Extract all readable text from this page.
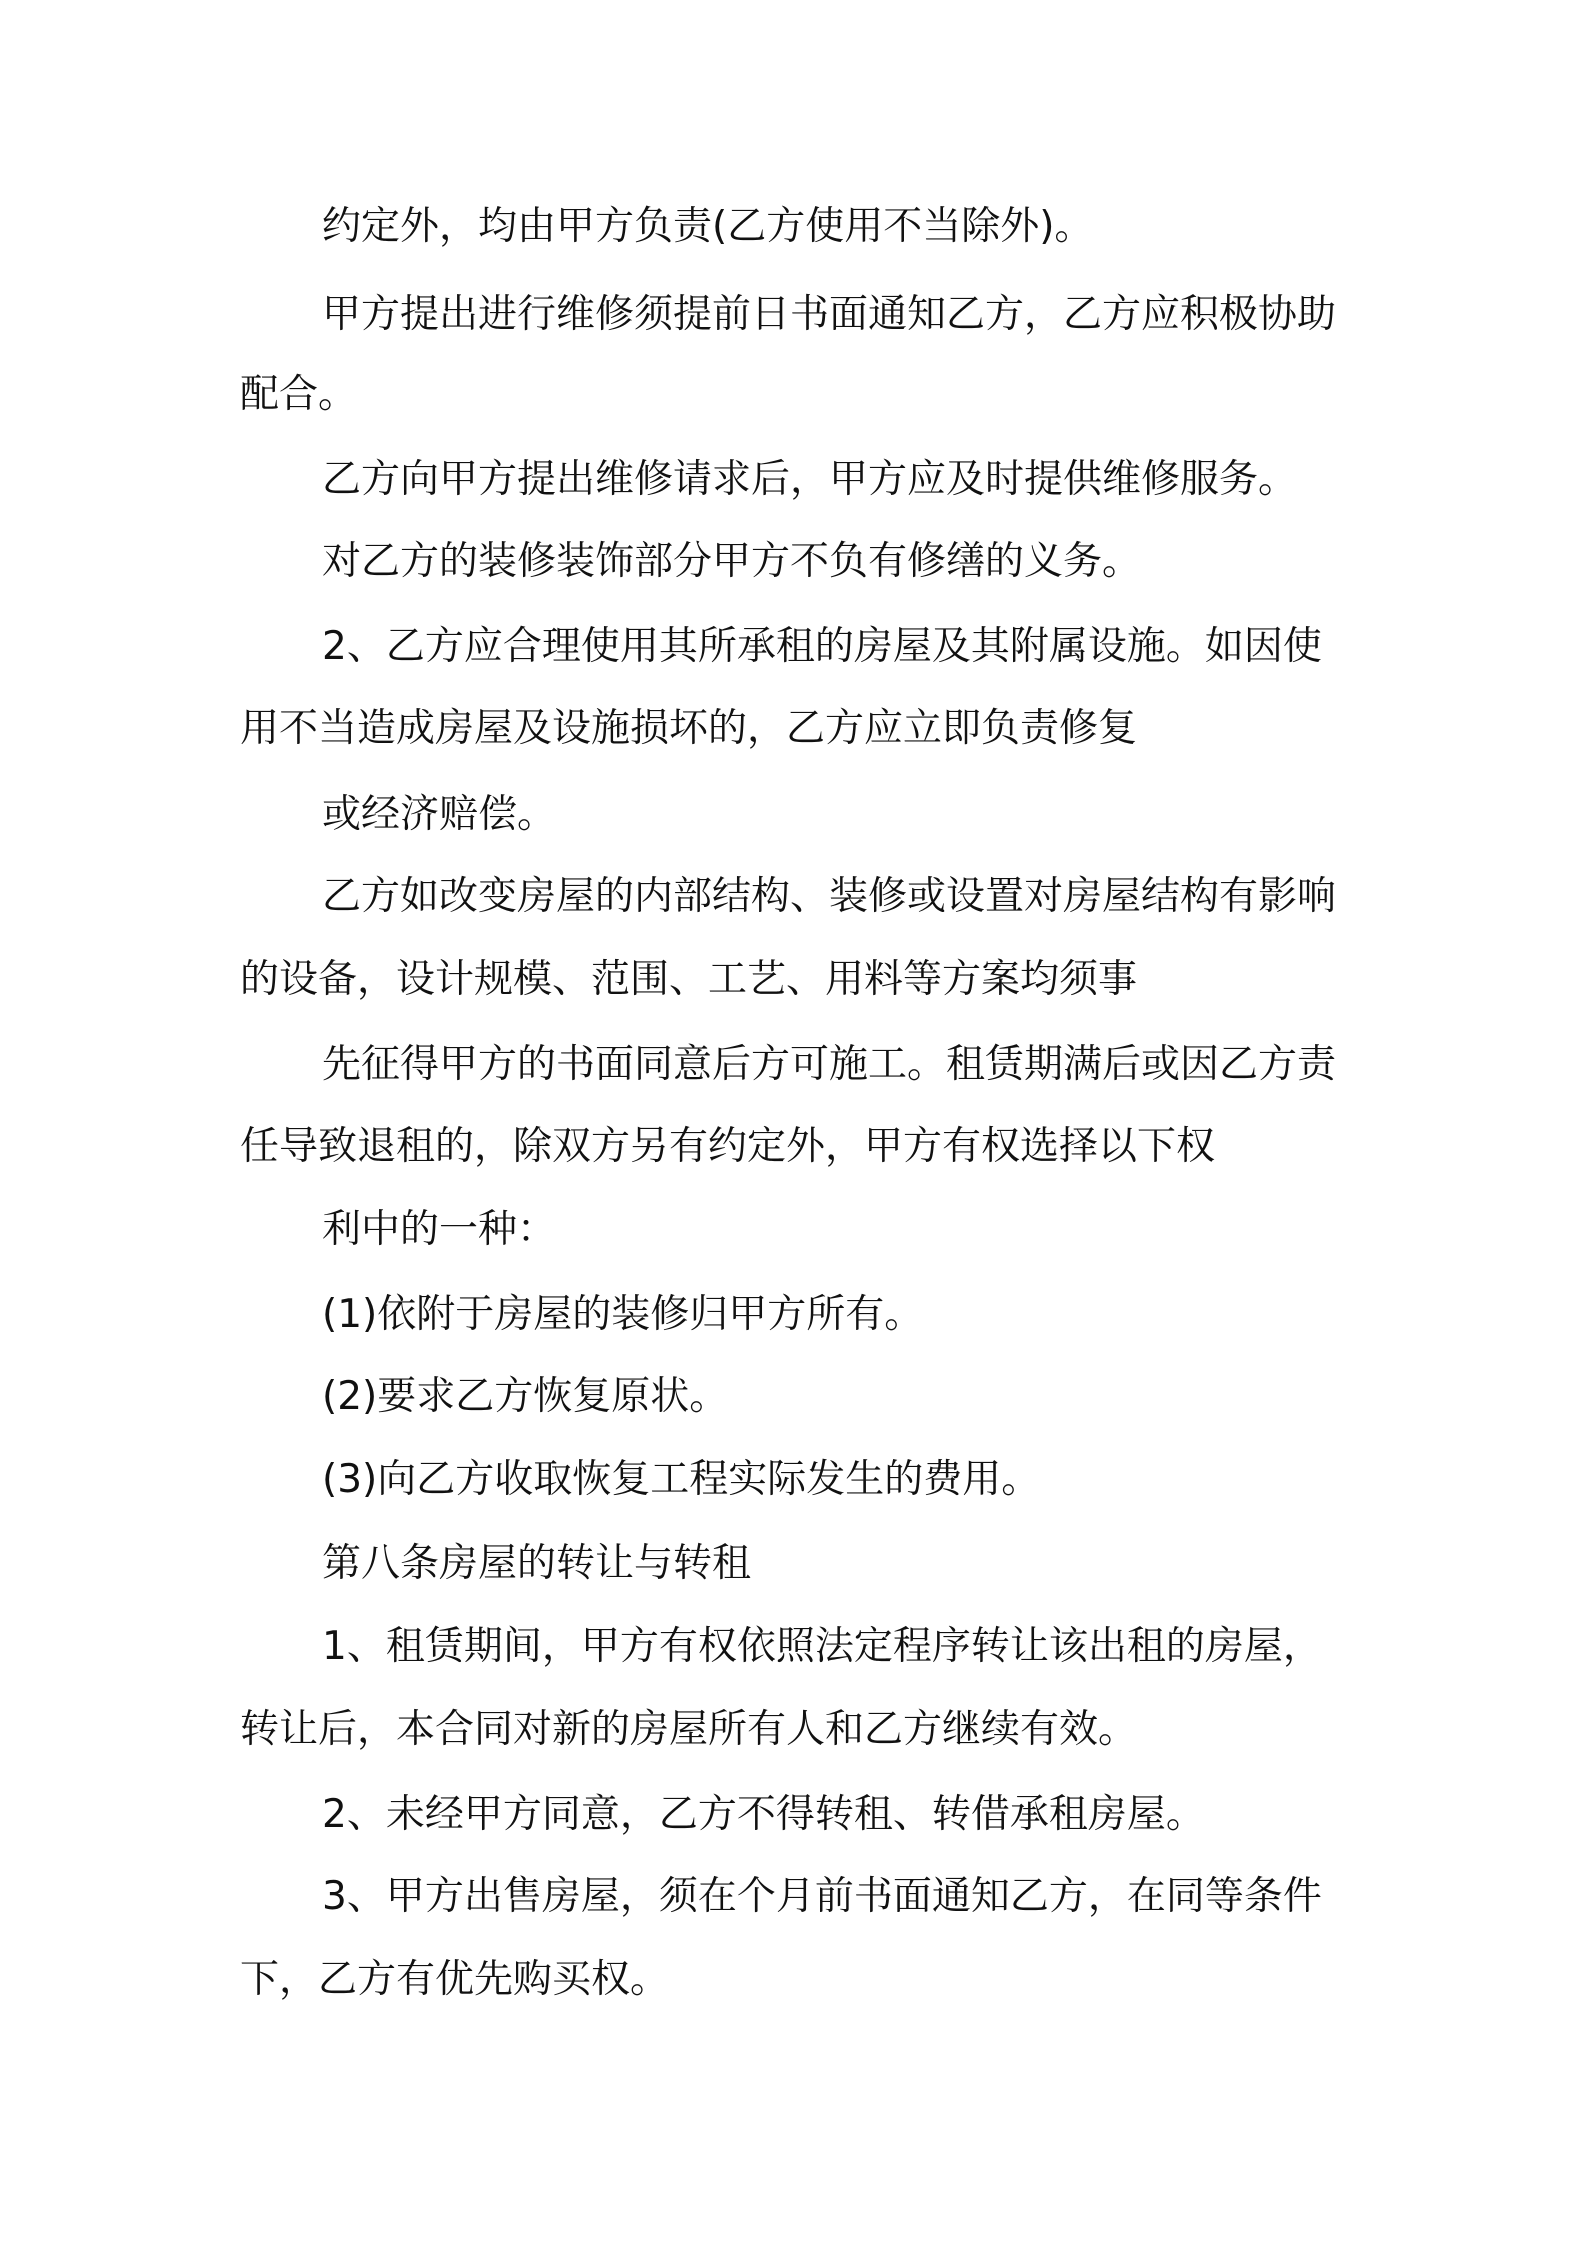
约定外，均由甲方负责(乙方使用不当除外)。

甲方提出进行维修须提前日书面通知乙方，乙方应积极协助

配合。

乙方向甲方提出维修请求后，甲方应及时提供维修服务。

对乙方的装修装饰部分甲方不负有修缮的义务。

2、乙方应合理使用其所承租的房屋及其附属设施。如因使

用不当造成房屋及设施损坏的，乙方应立即负责修复

或经济赔偿。

乙方如改变房屋的内部结构、装修或设置对房屋结构有影响

的设备，设计规模、范围、工艺、用料等方案均须事

先征得甲方的书面同意后方可施工。租赁期满后或因乙方责

任导致退租的，除双方另有约定外，甲方有权选择以下权

利中的一种：

(1)依附于房屋的装修归甲方所有。

(2)要求乙方恢复原状。

(3)向乙方收取恢复工程实际发生的费用。

第八条房屋的转让与转租

1、租赁期间，甲方有权依照法定程序转让该出租的房屋，

转让后，本合同对新的房屋所有人和乙方继续有效。

2、未经甲方同意，乙方不得转租、转借承租房屋。

3、甲方出售房屋，须在个月前书面通知乙方，在同等条件

下，乙方有优先购买权。
